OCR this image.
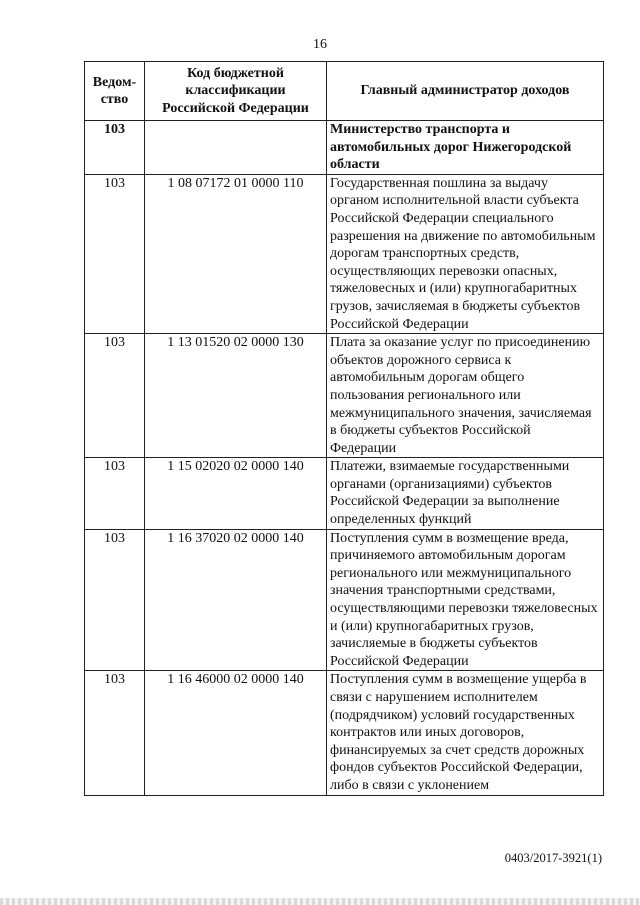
16
Ведом-ство	Код бюджетной классификации Российской Федерации	Главный администратор доходов
103		Министерство транспорта и автомобильных дорог Нижегородской области
103	1 08 07172 01 0000 110	Государственная пошлина за выдачу органом исполнительной власти субъекта Российской Федерации специального разрешения на движение по автомобильным дорогам транспортных средств, осуществляющих перевозки опасных, тяжеловесных и (или) крупногабаритных грузов, зачисляемая в бюджеты субъектов Российской Федерации
103	1 13 01520 02 0000 130	Плата за оказание услуг по присоединению объектов дорожного сервиса к автомобильным дорогам общего пользования регионального или межмуниципального значения, зачисляемая в бюджеты субъектов Российской Федерации
103	1 15 02020 02 0000 140	Платежи, взимаемые государственными органами (организациями) субъектов Российской Федерации за выполнение определенных функций
103	1 16 37020 02 0000 140	Поступления сумм в возмещение вреда, причиняемого автомобильным дорогам регионального или межмуниципального значения транспортными средствами, осуществляющими перевозки тяжеловесных и (или) крупногабаритных грузов, зачисляемые в бюджеты субъектов Российской Федерации
103	1 16 46000 02 0000 140	Поступления сумм в возмещение ущерба в связи с нарушением исполнителем (подрядчиком) условий государственных контрактов или иных договоров, финансируемых за счет средств дорожных фондов субъектов Российской Федерации, либо в связи с уклонением
0403/2017-3921(1)
